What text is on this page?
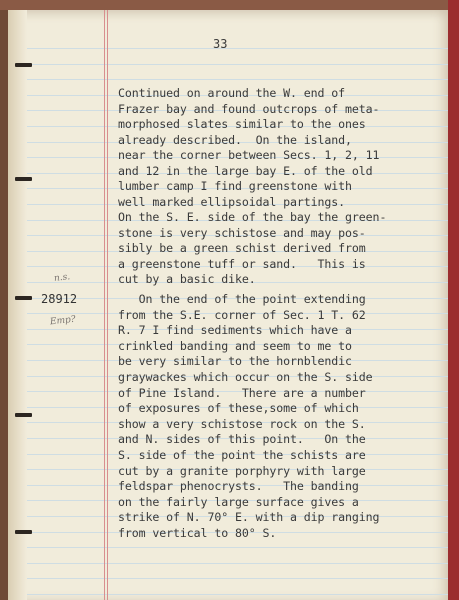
33
n.s.
28912
Emp?
Continued on around the W. end of
Frazer bay and found outcrops of meta-
morphosed slates similar to the ones
already described.  On the island,
near the corner between Secs. 1, 2, 11
and 12 in the large bay E. of the old
lumber camp I find greenstone with
well marked ellipsoidal partings.
On the S. E. side of the bay the green-
stone is very schistose and may pos-
sibly be a green schist derived from
a greenstone tuff or sand.   This is
cut by a basic dike.
On the end of the point extending
from the S.E. corner of Sec. 1 T. 62
R. 7 I find sediments which have a
crinkled banding and seem to me to
be very similar to the hornblendic
graywackes which occur on the S. side
of Pine Island.   There are a number
of exposures of these,some of which
show a very schistose rock on the S.
and N. sides of this point.   On the
S. side of the point the schists are
cut by a granite porphyry with large
feldspar phenocrysts.   The banding
on the fairly large surface gives a
strike of N. 70° E. with a dip ranging
from vertical to 80° S.
